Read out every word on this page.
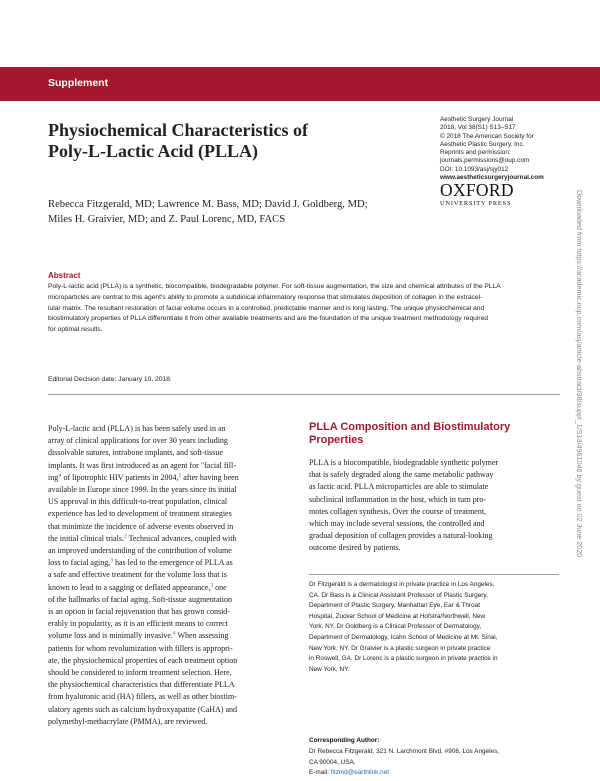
Supplement
Physiochemical Characteristics of
Poly-L-Lactic Acid (PLLA)
Aesthetic Surgery Journal
2018, Vol 38(S1) S13–S17
© 2018 The American Society for
Aesthetic Plastic Surgery, Inc.
Reprints and permission:
journals.permissions@oup.com
DOI: 10.1093/asj/sjy012
www.aestheticsurgeryjournal.com
OXFORD
UNIVERSITY PRESS
Rebecca Fitzgerald, MD; Lawrence M. Bass, MD; David J. Goldberg, MD;
Miles H. Graivier, MD; and Z. Paul Lorenc, MD, FACS
Abstract
Poly-L-lactic acid (PLLA) is a synthetic, biocompatible, biodegradable polymer. For soft-tissue augmentation, the size and chemical attributes of the PLLA
microparticles are central to this agent's ability to promote a subdinical inflammatory response that stimulates deposition of collagen in the extracel-
lular matrix. The resultant restoration of facial volume occurs in a controlled, predictable manner and is long lasting. The unique physiochemical and
biostimulatory properties of PLLA differentiate it from other available treatments and are the foundation of the unique treatment methodology required
for optimal results.
Editorial Decision date: January 10, 2018.
Poly-L-lactic acid (PLLA) is has been safely used in an
array of clinical applications for over 30 years including
dissolvable sutures, intrabone implants, and soft-tissue
implants. It was first introduced as an agent for "facial fill-
ing" of lipotrophic HIV patients in 2004,$^1$ after having been
available in Europe since 1999. In the years since its initial
US approval in this difficult-to-treat population, clinical
experience has led to development of treatment strategies
that minimize the incidence of adverse events observed in
the initial clinical trials.$^2$ Technical advances, coupled with
an improved understanding of the contribution of volume
loss to facial aging,$^3$ has led to the emergence of PLLA as
a safe and effective treatment for the volume loss that is
known to lead to a sagging or deflated appearance,$^3$ one
of the hallmarks of facial aging. Soft-tissue augmentation
is an option in facial rejuvenation that has grown consid-
erably in popularity, as it is an efficient means to correct
volume loss and is minimally invasive.$^4$ When assessing
patients for whom revolumization with fillers is appropri-
ate, the physiochemical properties of each treatment option
should be considered to inform treatment selection. Here,
the physiochemical characteristics that differentiate PLLA
from hyaluronic acid (HA) fillers, as well as other biostim-
ulatory agents such as calcium hydroxyapatite (CaHA) and
polymethyl-methacrylate (PMMA), are reviewed.
PLLA Composition and Biostimulatory
Properties
PLLA is a biocompatible, biodegradable synthetic polymer
that is safely degraded along the same metabolic pathway
as lactic acid. PLLA microparticles are able to stimulate
subclinical inflammation in the host, which in turn pro-
motes collagen synthesis. Over the course of treatment,
which may include several sessions, the controlled and
gradual deposition of collagen provides a natural-looking
outcome desired by patients.
Dr Fitzgerald is a dermatologist in private practice in Los Angeles,
CA. Dr Bass is a Clinical Assistant Professor of Plastic Surgery,
Department of Plastic Surgery, Manhattan Eye, Ear & Throat
Hospital, Zucker School of Medicine at Hofstra/Northwell, New
York, NY. Dr Goldberg is a Clinical Professor of Dermatology,
Department of Dermatology, Icahn School of Medicine at Mt. Sinai,
New York, NY. Dr Graivier is a plastic surgeon in private practice
in Roswell, GA. Dr Lorenc is a plastic surgeon in private practice in
New York, NY.
Corresponding Author:
Dr Rebecca Fitzgerald, 321 N. Larchmont Blvd. #906, Los Angeles,
CA 90004, USA.
E-mail: fitzmd@earthlink.net
Downloaded from https://academic.oup.com/asj/article-abstract/38/suppl_1/S13/4961046 by guest on 02 June 2020
